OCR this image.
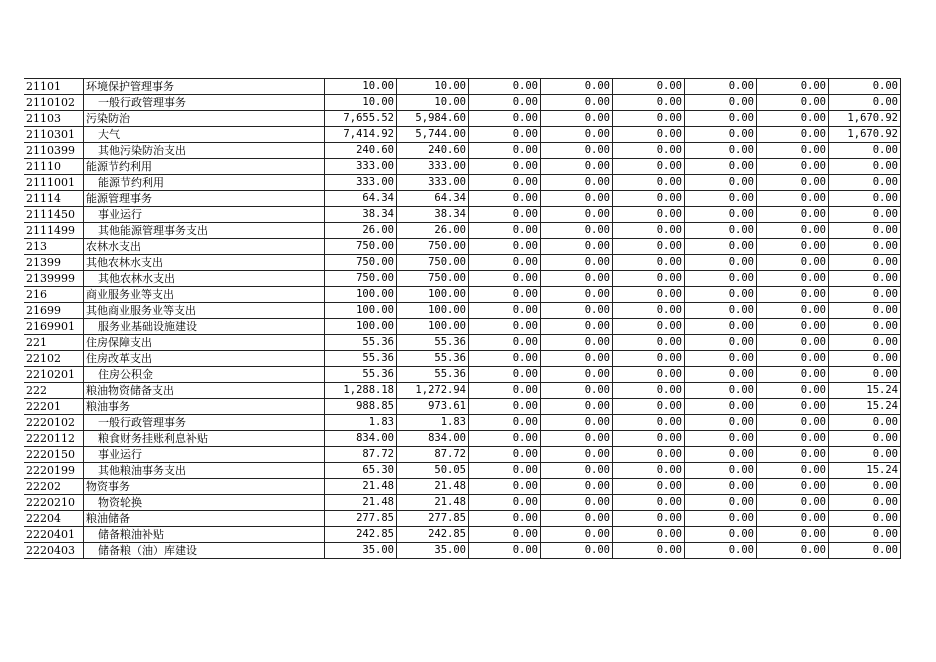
21101	环境保护管理事务	10.00	10.00	0.00	0.00	0.00	0.00	0.00	0.00
2110102	一般行政管理事务	10.00	10.00	0.00	0.00	0.00	0.00	0.00	0.00
21103	污染防治	7,655.52	5,984.60	0.00	0.00	0.00	0.00	0.00	1,670.92
2110301	大气	7,414.92	5,744.00	0.00	0.00	0.00	0.00	0.00	1,670.92
2110399	其他污染防治支出	240.60	240.60	0.00	0.00	0.00	0.00	0.00	0.00
21110	能源节约利用	333.00	333.00	0.00	0.00	0.00	0.00	0.00	0.00
2111001	能源节约利用	333.00	333.00	0.00	0.00	0.00	0.00	0.00	0.00
21114	能源管理事务	64.34	64.34	0.00	0.00	0.00	0.00	0.00	0.00
2111450	事业运行	38.34	38.34	0.00	0.00	0.00	0.00	0.00	0.00
2111499	其他能源管理事务支出	26.00	26.00	0.00	0.00	0.00	0.00	0.00	0.00
213	农林水支出	750.00	750.00	0.00	0.00	0.00	0.00	0.00	0.00
21399	其他农林水支出	750.00	750.00	0.00	0.00	0.00	0.00	0.00	0.00
2139999	其他农林水支出	750.00	750.00	0.00	0.00	0.00	0.00	0.00	0.00
216	商业服务业等支出	100.00	100.00	0.00	0.00	0.00	0.00	0.00	0.00
21699	其他商业服务业等支出	100.00	100.00	0.00	0.00	0.00	0.00	0.00	0.00
2169901	服务业基础设施建设	100.00	100.00	0.00	0.00	0.00	0.00	0.00	0.00
221	住房保障支出	55.36	55.36	0.00	0.00	0.00	0.00	0.00	0.00
22102	住房改革支出	55.36	55.36	0.00	0.00	0.00	0.00	0.00	0.00
2210201	住房公积金	55.36	55.36	0.00	0.00	0.00	0.00	0.00	0.00
222	粮油物资储备支出	1,288.18	1,272.94	0.00	0.00	0.00	0.00	0.00	15.24
22201	粮油事务	988.85	973.61	0.00	0.00	0.00	0.00	0.00	15.24
2220102	一般行政管理事务	1.83	1.83	0.00	0.00	0.00	0.00	0.00	0.00
2220112	粮食财务挂账利息补贴	834.00	834.00	0.00	0.00	0.00	0.00	0.00	0.00
2220150	事业运行	87.72	87.72	0.00	0.00	0.00	0.00	0.00	0.00
2220199	其他粮油事务支出	65.30	50.05	0.00	0.00	0.00	0.00	0.00	15.24
22202	物资事务	21.48	21.48	0.00	0.00	0.00	0.00	0.00	0.00
2220210	物资轮换	21.48	21.48	0.00	0.00	0.00	0.00	0.00	0.00
22204	粮油储备	277.85	277.85	0.00	0.00	0.00	0.00	0.00	0.00
2220401	储备粮油补贴	242.85	242.85	0.00	0.00	0.00	0.00	0.00	0.00
2220403	储备粮（油）库建设	35.00	35.00	0.00	0.00	0.00	0.00	0.00	0.00
